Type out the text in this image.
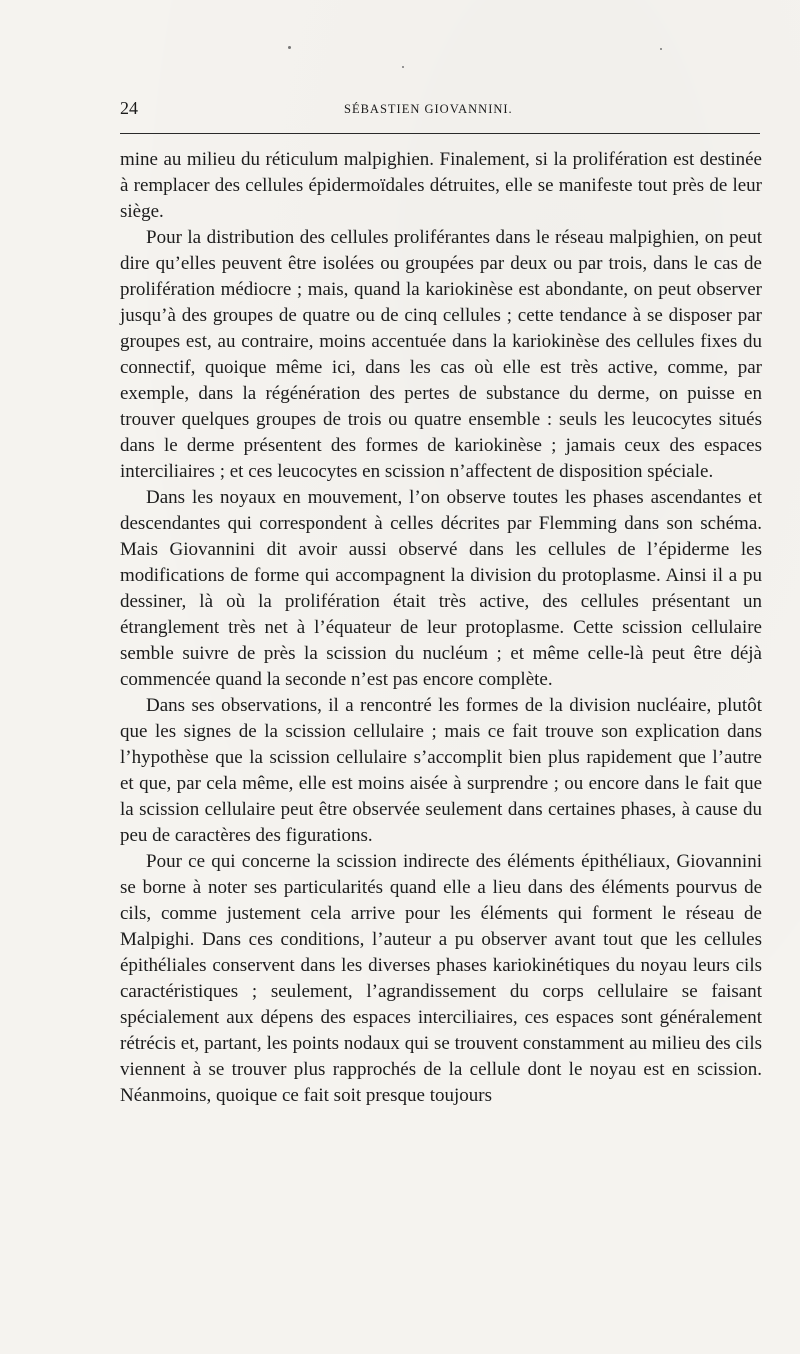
24	SÉBASTIEN GIOVANNINI.

mine au milieu du réticulum malpighien. Finalement, si la prolifération est destinée à remplacer des cellules épidermoïdales détruites, elle se manifeste tout près de leur siège.

Pour la distribution des cellules proliférantes dans le réseau malpighien, on peut dire qu’elles peuvent être isolées ou groupées par deux ou par trois, dans le cas de prolifération médiocre ; mais, quand la kariokinèse est abondante, on peut observer jusqu’à des groupes de quatre ou de cinq cellules ; cette tendance à se disposer par groupes est, au contraire, moins accentuée dans la kariokinèse des cellules fixes du connectif, quoique même ici, dans les cas où elle est très active, comme, par exemple, dans la régénération des pertes de substance du derme, on puisse en trouver quelques groupes de trois ou quatre ensemble : seuls les leucocytes situés dans le derme présentent des formes de kariokinèse ; jamais ceux des espaces interciliaires ; et ces leucocytes en scission n’affectent de disposition spéciale.

Dans les noyaux en mouvement, l’on observe toutes les phases ascendantes et descendantes qui correspondent à celles décrites par Flemming dans son schéma. Mais Giovannini dit avoir aussi observé dans les cellules de l’épiderme les modifications de forme qui accompagnent la division du protoplasme. Ainsi il a pu dessiner, là où la prolifération était très active, des cellules présentant un étranglement très net à l’équateur de leur protoplasme. Cette scission cellulaire semble suivre de près la scission du nucléum ; et même celle-là peut être déjà commencée quand la seconde n’est pas encore complète.

Dans ses observations, il a rencontré les formes de la division nucléaire, plutôt que les signes de la scission cellulaire ; mais ce fait trouve son explication dans l’hypothèse que la scission cellulaire s’accomplit bien plus rapidement que l’autre et que, par cela même, elle est moins aisée à surprendre ; ou encore dans le fait que la scission cellulaire peut être observée seulement dans certaines phases, à cause du peu de caractères des figurations.

Pour ce qui concerne la scission indirecte des éléments épithéliaux, Giovannini se borne à noter ses particularités quand elle a lieu dans des éléments pourvus de cils, comme justement cela arrive pour les éléments qui forment le réseau de Malpighi. Dans ces conditions, l’auteur a pu observer avant tout que les cellules épithéliales conservent dans les diverses phases kariokinétiques du noyau leurs cils caractéristiques ; seulement, l’agrandissement du corps cellulaire se faisant spécialement aux dépens des espaces interciliaires, ces espaces sont généralement rétrécis et, partant, les points nodaux qui se trouvent constamment au milieu des cils viennent à se trouver plus rapprochés de la cellule dont le noyau est en scission. Néanmoins, quoique ce fait soit presque toujours
